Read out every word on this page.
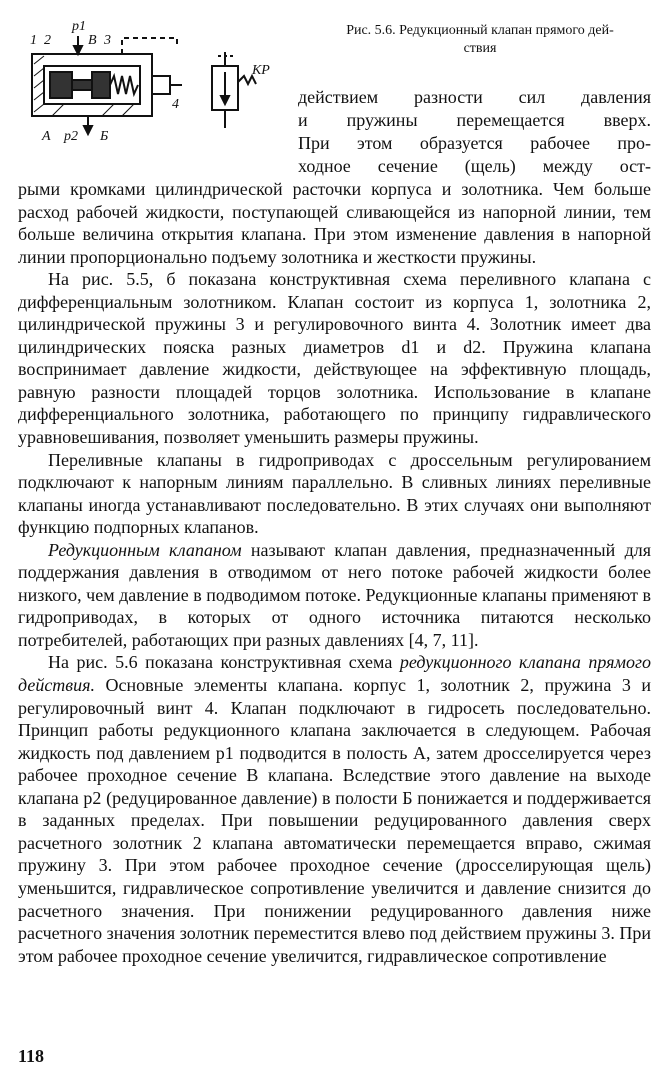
1 2
p1
В 3
А p2 Б
4
КР
Рис. 5.6. Редукционный клапан прямого дей-
ствия
действием разности сил давления
и пружины перемещается вверх.
При этом образуется рабочее про-
ходное сечение (щель) между ост-

рыми кромками цилиндрической расточки корпуса и золотника. Чем больше расход рабочей жидкости, поступающей сливающейся из напорной линии, тем больше величина открытия клапана. При этом изменение давления в напорной линии пропорционально подъему золотника и жесткости пружины.

На рис. 5.5, б показана конструктивная схема переливного клапана с дифференциальным золотником. Клапан состоит из корпуса 1, золотника 2, цилиндрической пружины 3 и регулировочного винта 4. Золотник имеет два цилиндрических пояска разных диаметров d1 и d2. Пружина клапана воспринимает давление жидкости, действующее на эффективную площадь, равную разности площадей торцов золотника. Использование в клапане дифференциального золотника, работающего по принципу гидравлического уравновешивания, позволяет уменьшить размеры пружины.

Переливные клапаны в гидроприводах с дроссельным регулированием подключают к напорным линиям параллельно. В сливных линиях переливные клапаны иногда устанавливают последовательно. В этих случаях они выполняют функцию подпорных клапанов.

Редукционным клапаном называют клапан давления, предназначенный для поддержания давления в отводимом от него потоке рабочей жидкости более низкого, чем давление в подводимом потоке. Редукционные клапаны применяют в гидроприводах, в которых от одного источника питаются несколько потребителей, работающих при разных давлениях [4, 7, 11].

На рис. 5.6 показана конструктивная схема редукционного клапана прямого действия. Основные элементы клапана. корпус 1, золотник 2, пружина 3 и регулировочный винт 4. Клапан подключают в гидросеть последовательно. Принцип работы редукционного клапана заключается в следующем. Рабочая жидкость под давлением p1 подводится в полость А, затем дросселируется через рабочее проходное сечение В клапана. Вследствие этого давление на выходе клапана p2 (редуцированное давление) в полости Б понижается и поддерживается в заданных пределах. При повышении редуцированного давления сверх расчетного золотник 2 клапана автоматически перемещается вправо, сжимая пружину 3. При этом рабочее проходное сечение (дросселирующая щель) уменьшится, гидравлическое сопротивление увеличится и давление снизится до расчетного значения. При понижении редуцированного давления ниже расчетного значения золотник переместится влево под действием пружины 3. При этом рабочее проходное сечение увеличится, гидравлическое сопротивление

118
